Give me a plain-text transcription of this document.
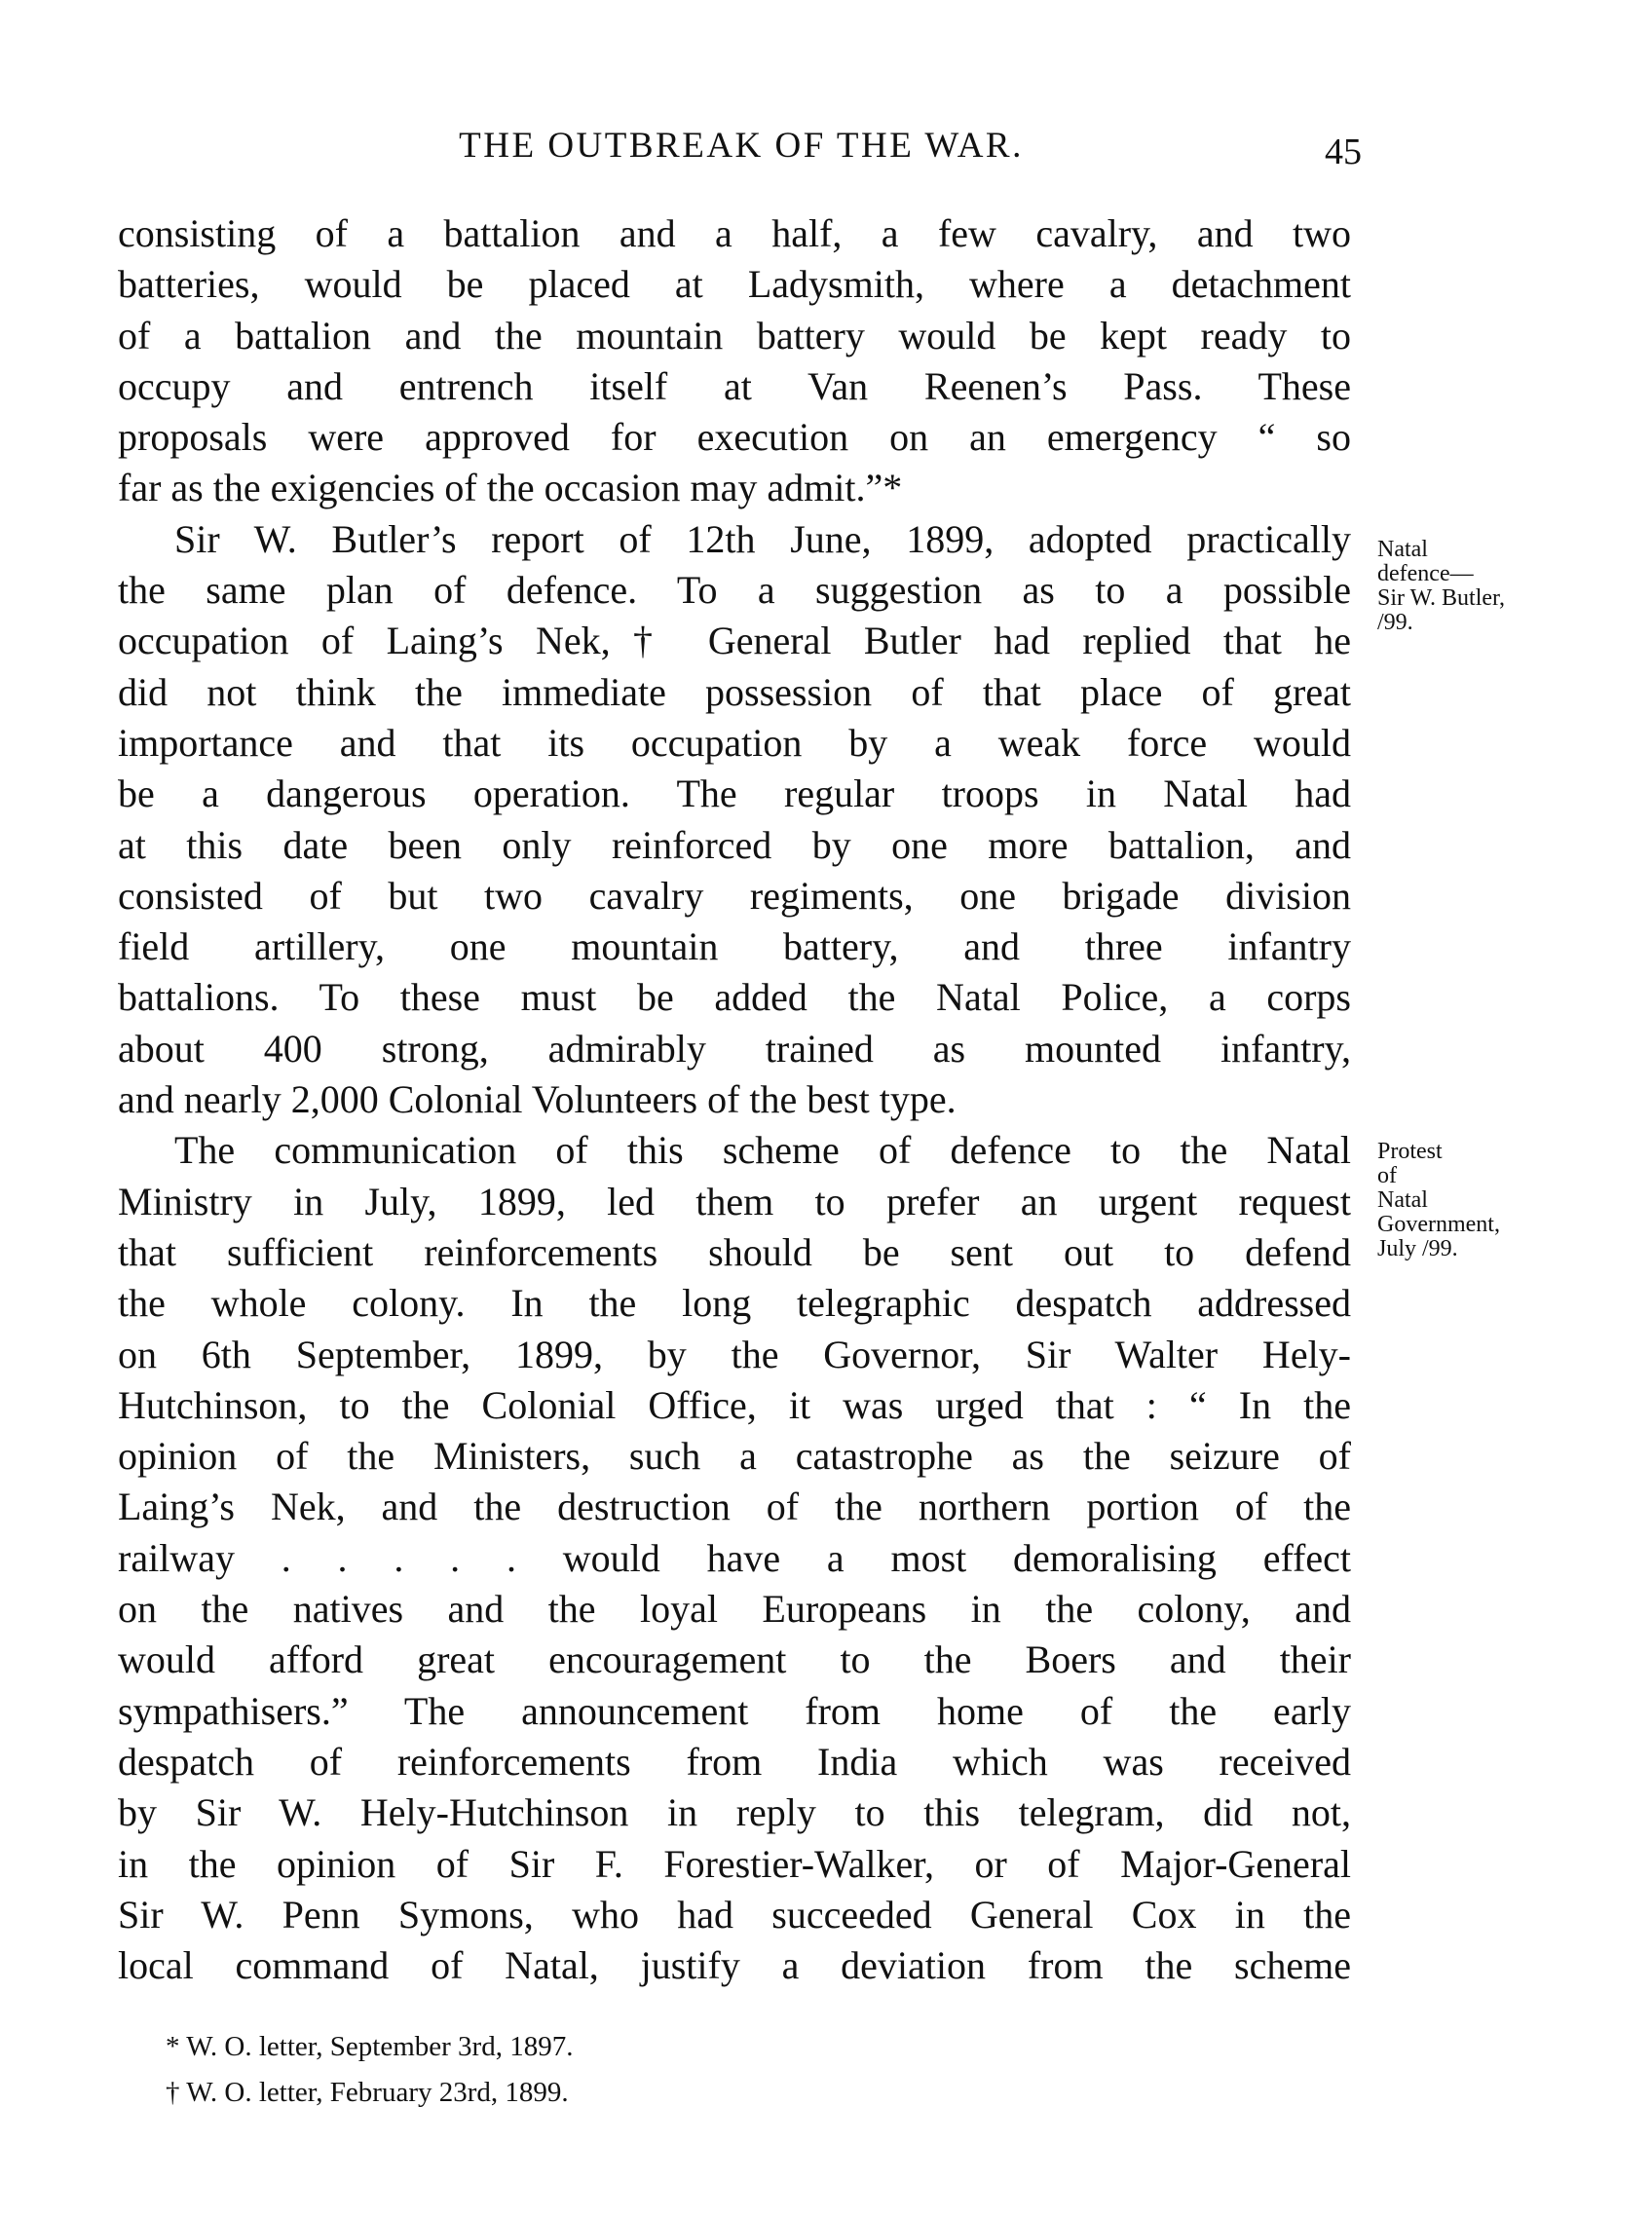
THE OUTBREAK OF THE WAR.	45
consisting of a battalion and a half, a few cavalry, and two
batteries, would be placed at Ladysmith, where a detachment
of a battalion and the mountain battery would be kept ready to
occupy and entrench itself at Van Reenen’s Pass. These
proposals were approved for execution on an emergency “ so
far as the exigencies of the occasion may admit.”*
Sir W. Butler’s report of 12th June, 1899, adopted practically
the same plan of defence. To a suggestion as to a possible
occupation of Laing’s Nek,† General Butler had replied that he
did not think the immediate possession of that place of great
importance and that its occupation by a weak force would
be a dangerous operation. The regular troops in Natal had
at this date been only reinforced by one more battalion, and
consisted of but two cavalry regiments, one brigade division
field artillery, one mountain battery, and three infantry
battalions. To these must be added the Natal Police, a corps
about 400 strong, admirably trained as mounted infantry,
and nearly 2,000 Colonial Volunteers of the best type.
The communication of this scheme of defence to the Natal
Ministry in July, 1899, led them to prefer an urgent request
that sufficient reinforcements should be sent out to defend
the whole colony. In the long telegraphic despatch addressed
on 6th September, 1899, by the Governor, Sir Walter Hely-
Hutchinson, to the Colonial Office, it was urged that : “ In the
opinion of the Ministers, such a catastrophe as the seizure of
Laing’s Nek, and the destruction of the northern portion of the
railway . . . . . would have a most demoralising effect
on the natives and the loyal Europeans in the colony, and
would afford great encouragement to the Boers and their
sympathisers.” The announcement from home of the early
despatch of reinforcements from India which was received
by Sir W. Hely-Hutchinson in reply to this telegram, did not,
in the opinion of Sir F. Forestier-Walker, or of Major-General
Sir W. Penn Symons, who had succeeded General Cox in the
local command of Natal, justify a deviation from the scheme
Natal
defence—
Sir W. Butler,
/99.
Protest
of
Natal
Government,
July /99.
* W. O. letter, September 3rd, 1897.
† W. O. letter, February 23rd, 1899.
